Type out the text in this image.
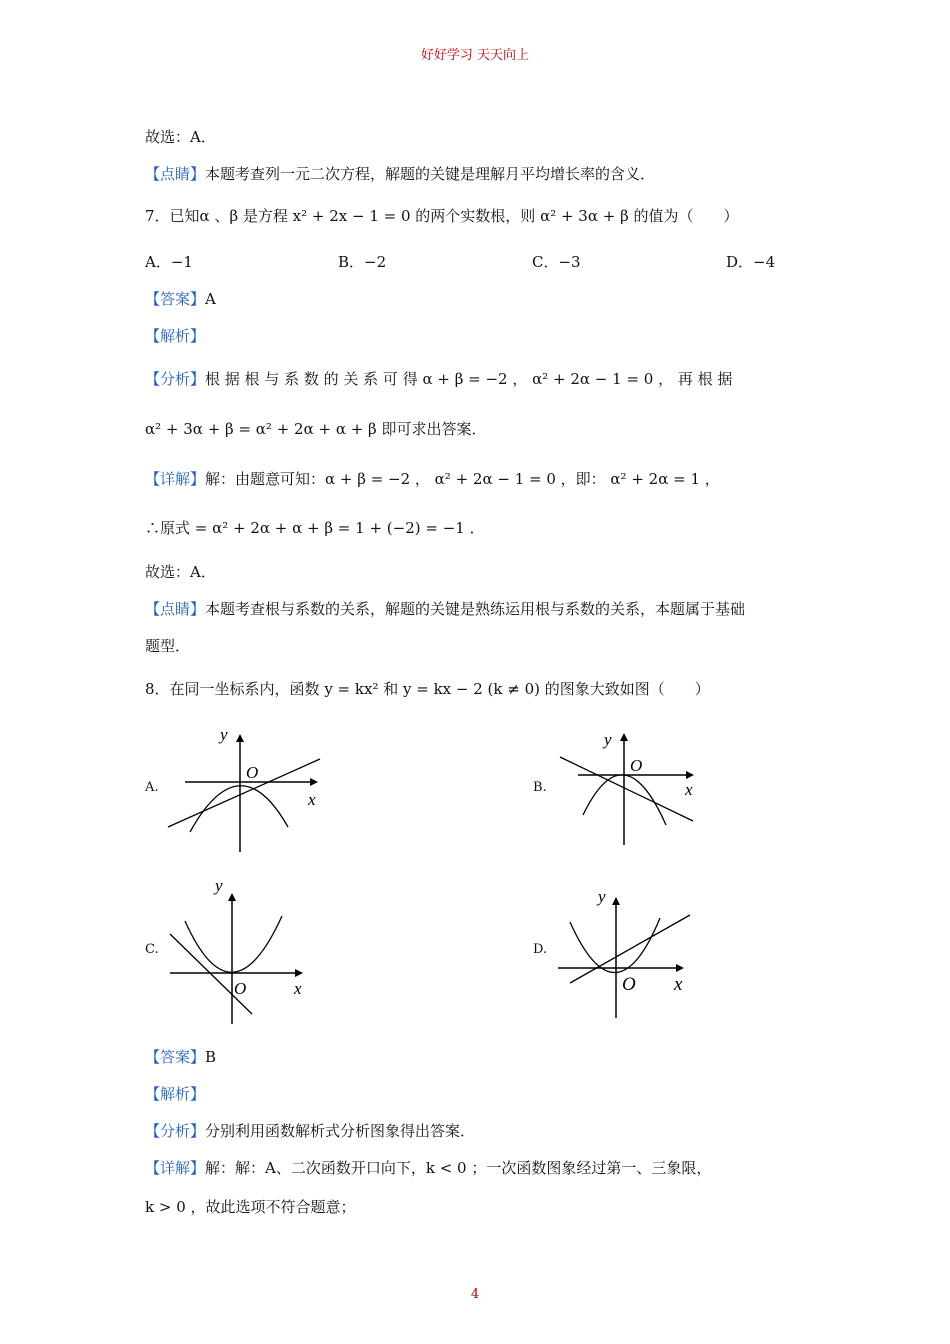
好好学习 天天向上
故选：A．
【点睛】本题考查列一元二次方程，解题的关键是理解月平均增长率的含义．
7．已知α 、β 是方程 x² + 2x − 1 = 0 的两个实数根，则 α² + 3α + β 的值为（　　）
A．−1	B．−2	C．−3	D．−4
【答案】A
【解析】
【分析】根 据 根 与 系 数 的 关 系 可 得 α + β = −2 ， α² + 2α − 1 = 0 ， 再 根 据
α² + 3α + β = α² + 2α + α + β 即可求出答案．
【详解】解：由题意可知：α + β = −2 ， α² + 2α − 1 = 0 ，即： α² + 2α = 1 ，
∴原式 = α² + 2α + α + β = 1 + (−2) = −1 ．
故选：A．
【点睛】本题考查根与系数的关系，解题的关键是熟练运用根与系数的关系，本题属于基础
题型．
8．在同一坐标系内，函数 y = kx² 和 y = kx − 2 (k ≠ 0) 的图象大致如图（　　）
A.
y
O
x
B.
y
O
x
C.
y
O	x
D.
y
O x
【答案】B
【解析】
【分析】分别利用函数解析式分析图象得出答案．
【详解】解：解：A、二次函数开口向下，k < 0 ；一次函数图象经过第一、三象限，
k > 0 ，故此选项不符合题意；
4
